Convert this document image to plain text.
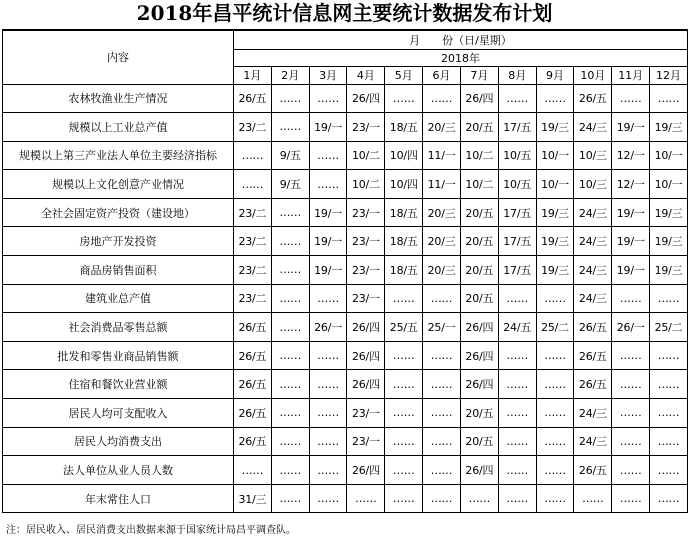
2018年昌平统计信息网主要统计数据发布计划
内容	月　　份（日/星期）											
	2018年											
	1月	2月	3月	4月	5月	6月	7月	8月	9月	10月	11月	12月
农林牧渔业生产情况	26/五	……	……	26/四	……	……	26/四	……	……	26/五	……	……
规模以上工业总产值	23/二	……	19/一	23/一	18/五	20/三	20/五	17/五	19/三	24/三	19/一	19/三
规模以上第三产业法人单位主要经济指标	……	9/五	……	10/二	10/四	11/一	10/二	10/五	10/一	10/三	12/一	10/一
规模以上文化创意产业情况	……	9/五	……	10/二	10/四	11/一	10/二	10/五	10/一	10/三	12/一	10/一
全社会固定资产投资（建设地）	23/二	……	19/一	23/一	18/五	20/三	20/五	17/五	19/三	24/三	19/一	19/三
房地产开发投资	23/二	……	19/一	23/一	18/五	20/三	20/五	17/五	19/三	24/三	19/一	19/三
商品房销售面积	23/二	……	19/一	23/一	18/五	20/三	20/五	17/五	19/三	24/三	19/一	19/三
建筑业总产值	23/二	……	……	23/一	……	……	20/五	……	……	24/三	……	……
社会消费品零售总额	26/五	……	26/一	26/四	25/五	25/一	26/四	24/五	25/二	26/五	26/一	25/二
批发和零售业商品销售额	26/五	……	……	26/四	……	……	26/四	……	……	26/五	……	……
住宿和餐饮业营业额	26/五	……	……	26/四	……	……	26/四	……	……	26/五	……	……
居民人均可支配收入	26/五	……	……	23/一	……	……	20/五	……	……	24/三	……	……
居民人均消费支出	26/五	……	……	23/一	……	……	20/五	……	……	24/三	……	……
法人单位从业人员人数	……	……	……	26/四	……	……	26/四	……	……	26/五	……	……
年末常住人口	31/三	……	……	……	……	……	……	……	……	……	……	……
注：居民收入、居民消费支出数据来源于国家统计局昌平调查队。
